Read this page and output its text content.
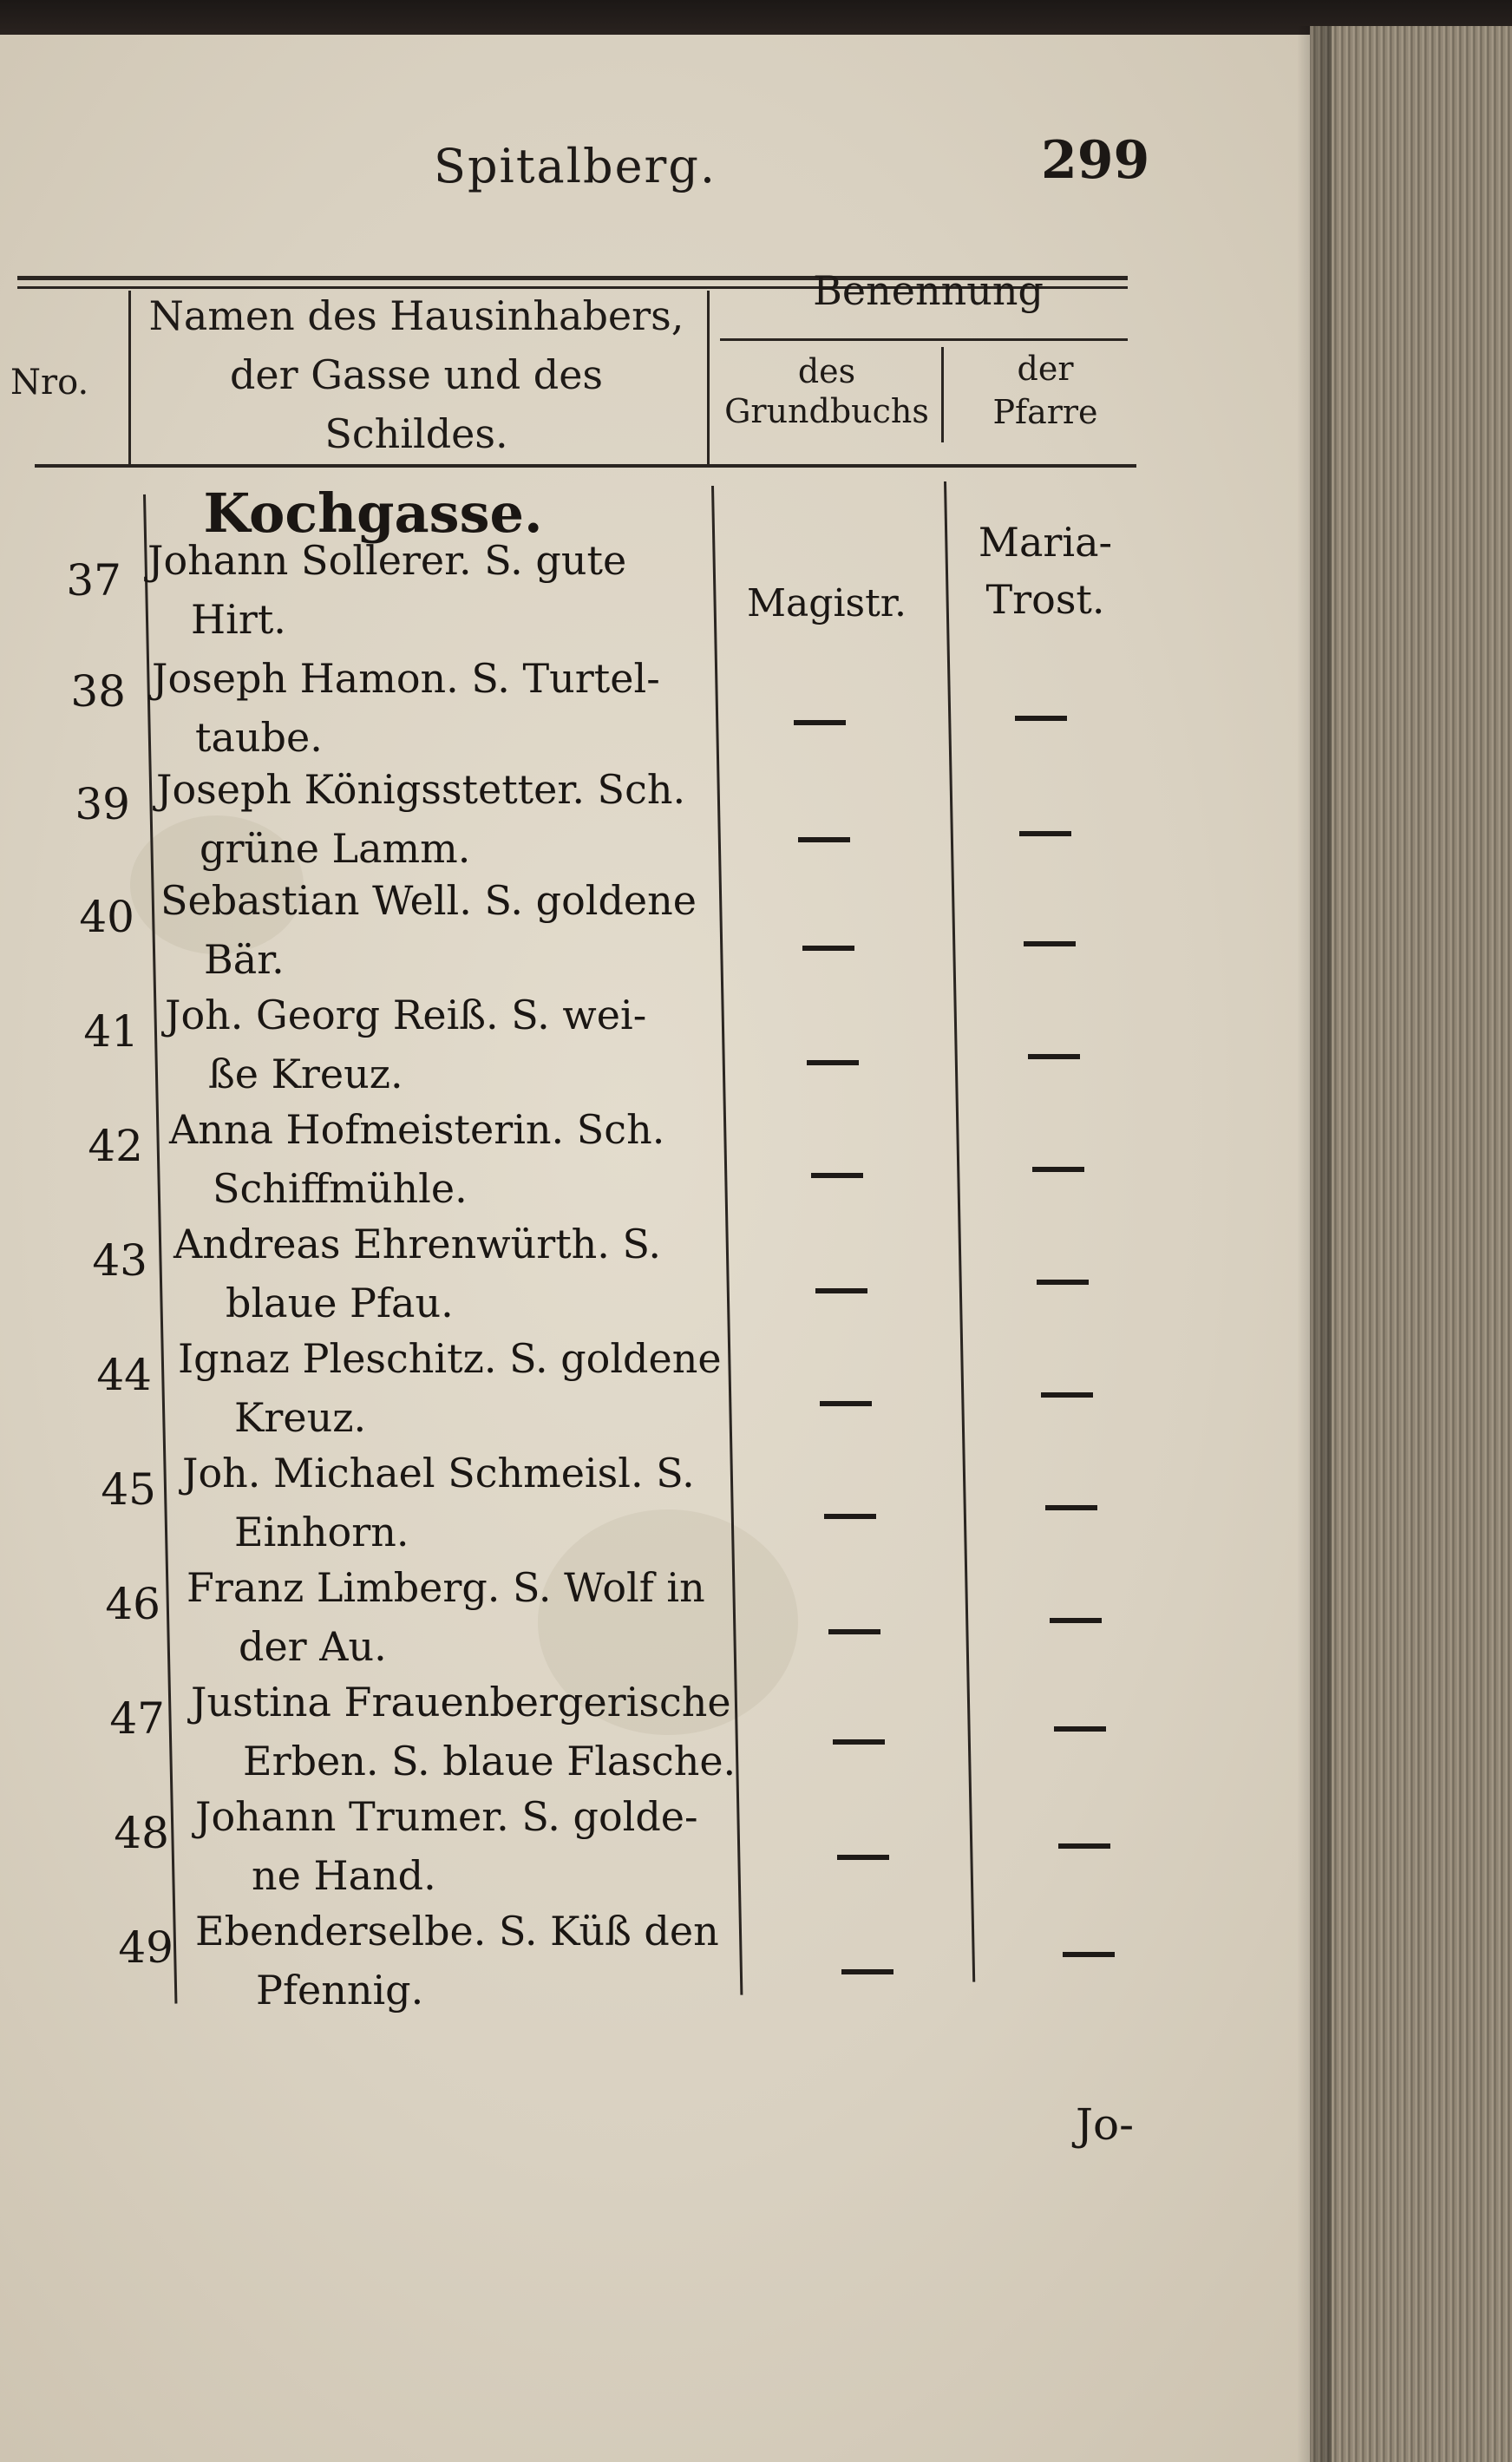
Spitalberg.	299
Nro.
Namen des Hausinhabers,
der Gasse und des
Schildes.
Benennung
des
Grundbuchs
der
Pfarre
Kochgasse.
Magistr.
Maria-
Trost.
37 Johann Sollerer. S. gute
Hirt.
38 Joseph Hamon. S. Turtel-
taube.
39 Joseph Königsstetter. Sch.
grüne Lamm.
40 Sebastian Well. S. goldene
Bär.
41 Joh. Georg Reiß. S. wei-
ße Kreuz.
42 Anna Hofmeisterin. Sch.
Schiffmühle.
43 Andreas Ehrenwürth. S.
blaue Pfau.
44 Ignaz Pleschitz. S. goldene
Kreuz.
45 Joh. Michael Schmeisl. S.
Einhorn.
46 Franz Limberg. S. Wolf in
der Au.
47 Justina Frauenbergerische
Erben. S. blaue Flasche.
48 Johann Trumer. S. golde-
ne Hand.
49 Ebenderselbe. S. Küß den
Pfennig.
Jo-
